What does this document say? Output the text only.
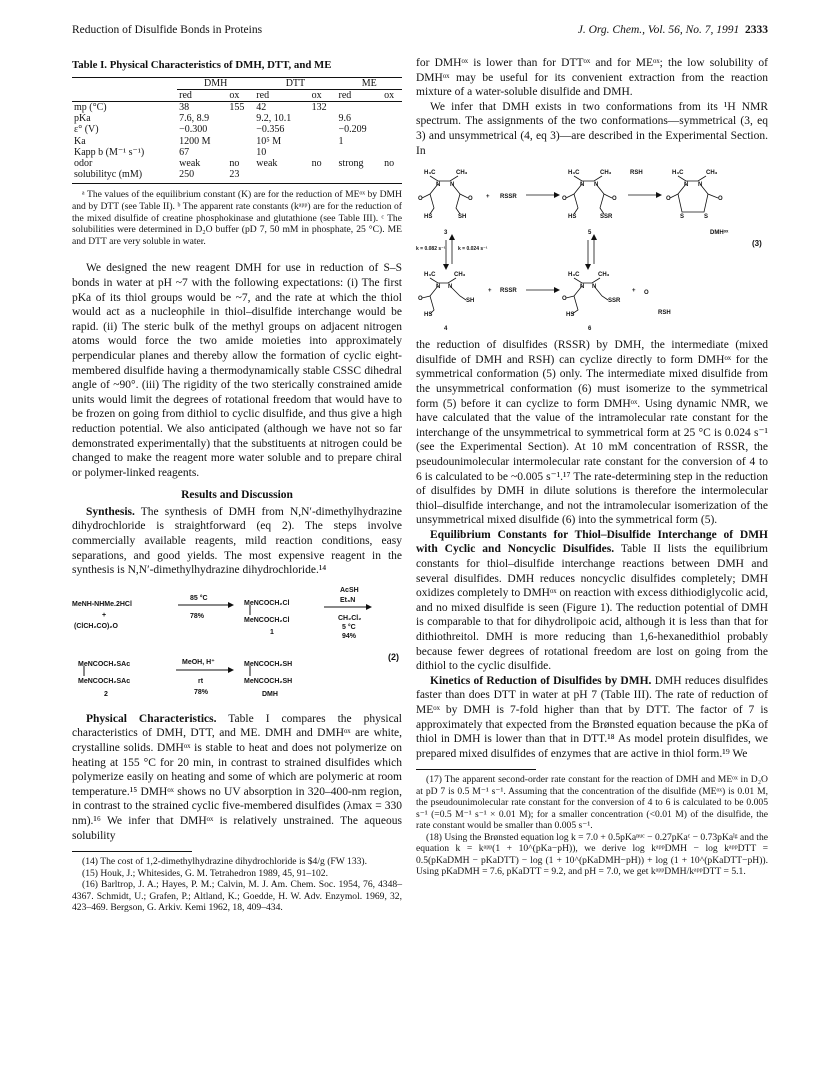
Reduction of Disulfide Bonds in Proteins	J. Org. Chem., Vol. 56, No. 7, 1991 2333

Table I. Physical Characteristics of DMH, DTT, and ME

	DMH		DTT		ME	
	red	ox	red	ox	red	ox
mp (°C)	38	155	42	132		
pKa	7.6, 8.9		9.2, 10.1		9.6	
ε° (V)	−0.300		−0.356		−0.209	
Ka	1200 M		10⁵ M		1	
Kapp b (M⁻¹ s⁻¹)	67		10			
odor	weak	no	weak	no	strong	no
solubilityc (mM)	250	23				

ᵃ The values of the equilibrium constant (K) are for the reduction of MEᵒˣ by DMH and by DTT (see Table II). ᵇ The apparent rate constants (kᵃᵖᵖ) are for the reduction of the mixed disulfide of creatine phosphokinase and glutathione (see Table III). ᶜ The solubilities were determined in D₂O buffer (pD 7, 50 mM in phosphate, 25 °C). ME and DTT are very soluble in water.

We designed the new reagent DMH for use in reduction of S–S bonds in water at pH ~7 with the following expectations: (i) The first pKa of its thiol groups would be ~7, and the rate at which the thiol would act as a nucleophile in thiol–disulfide interchange would be rapid. (ii) The steric bulk of the methyl groups on adjacent nitrogen atoms would force the two amide moieties into approximately perpendicular planes and thereby allow the formation of cyclic eight-membered disulfide having a thermodynamically stable CSSC dihedral angle of ~90°. (iii) The rigidity of the two sterically constrained amide units would limit the degrees of rotational freedom that would have to be frozen on going from dithiol to cyclic disulfide, and thus give a high reduction potential. We also anticipated (although we have not so far demonstrated experimentally) that the substituents at nitrogen could be changed to make the reagent more water soluble and to prepare chiral or polymer-linked reagents.

Results and Discussion

Synthesis. The synthesis of DMH from N,N′-dimethylhydrazine dihydrochloride is straightforward (eq 2). The steps involve commercially available reagents, mild reaction conditions, easy separations, and good yields. The most expensive reagent in the synthesis is N,N′-dimethylhydrazine dihydrochloride.¹⁴

MeNH-NHMe.2HCl
+
(ClCH₂CO)₂O
85 °C
78%
MeNCOCH₂Cl
MeNCOCH₂Cl
1
AcSH
Et₃N
CH₂Cl₂
5 °C
94%
(2)
MeNCOCH₂SAc
MeNCOCH₂SAc
2
MeOH, H⁺
rt
78%
MeNCOCH₂SH
MeNCOCH₂SH
DMH

Physical Characteristics. Table I compares the physical characteristics of DMH, DTT, and ME. DMH and DMHᵒˣ are white, crystalline solids. DMHᵒˣ is stable to heat and does not polymerize on heating at 155 °C for 20 min, in contrast to strained disulfides which polymerize easily on heating and some of which are polymeric at room temperature.¹⁵ DMHᵒˣ shows no UV absorption in 320–400-nm region, in contrast to the strained cyclic five-membered disulfides (λmax = 330 nm).¹⁶ We infer that DMHᵒˣ is relatively unstrained. The aqueous solubility

(14) The cost of 1,2-dimethylhydrazine dihydrochloride is $4/g (FW 133).

(15) Houk, J.; Whitesides, G. M. Tetrahedron 1989, 45, 91–102.

(16) Barltrop, J. A.; Hayes, P. M.; Calvin, M. J. Am. Chem. Soc. 1954, 76, 4348–4367. Schmidt, U.; Grafen, P.; Altland, K.; Goedde, H. W. Adv. Enzymol. 1969, 32, 423–469. Bergson, G. Arkiv. Kemi 1962, 18, 409–434.

for DMHᵒˣ is lower than for DTTᵒˣ and for MEᵒˣ; the low solubility of DMHᵒˣ may be useful for its convenient extraction from the reaction mixture of a water-soluble disulfide and DMH.

We infer that DMH exists in two conformations from its ¹H NMR spectrum. The assignments of the two conformations—symmetrical (3, eq 3) and unsymmetrical (4, eq 3)—are described in the Experimental Section. In

H₃C	CH₃
N N
O	O
HS	SH
3
+ RSSR
H₃C	CH₃
N N
O	O
HS	SSR
5
RSH	H₃C	CH₃
N N
O	O
S	S
DMHᵒˣ
(3)
k = 0.082 s⁻¹	k = 0.024 s⁻¹
H₃C	CH₃
N N
O	SH
HS
4
+ RSSR
H₃C	CH₃
N N
O	SSR
HS
6
+ O
RSH

the reduction of disulfides (RSSR) by DMH, the intermediate (mixed disulfide of DMH and RSH) can cyclize directly to form DMHᵒˣ for the symmetrical conformation (5) only. The intermediate mixed disulfide from the unsymmetrical conformation (6) must isomerize to the symmetrical form (5) before it can cyclize to form DMHᵒˣ. Using dynamic NMR, we have calculated that the value of the intramolecular rate constant for the interchange of the unsymmetrical to symmetrical form at 25 °C is 0.024 s⁻¹ (see the Experimental Section). At 10 mM concentration of RSSR, the pseudounimolecular intermolecular rate constant for the conversion of 4 to 6 is calculated to be ~0.005 s⁻¹.¹⁷ The rate-determining step in the reduction of disulfides by DMH in dilute solutions is therefore the intermolecular thiol–disulfide interchange, and not the intramolecular isomerization of the unsymmetrical mixed disulfide (6) into the symmetrical form (5).

Equilibrium Constants for Thiol–Disulfide Interchange of DMH with Cyclic and Noncyclic Disulfides. Table II lists the equilibrium constants for thiol–disulfide interchange reactions between DMH and several disulfides. DMH reduces noncyclic disulfides completely; DMH oxidizes completely to DMHᵒˣ on reaction with excess dithiodiglycolic acid, and no mixed disulfide is seen (Figure 1). The reduction potential of DMH is comparable to that for dihydrolipoic acid, although it is less than that for dithiothreitol. DMH is more reducing than 1,6-hexanedithiol probably because fewer degrees of rotational freedom are lost on going from the dithiol to the cyclic disulfide.

Kinetics of Reduction of Disulfides by DMH. DMH reduces disulfides faster than does DTT in water at pH 7 (Table III). The rate of reduction of MEᵒˣ by DMH is 7-fold higher than that by DTT. The factor of 7 is approximately that expected from the Brønsted equation because the pKa of thiol in DMH is lower than that in DTT.¹⁸ As model protein disulfides, we prepared mixed disulfides of enzymes that are active in thiol form.¹⁹ We

(17) The apparent second-order rate constant for the reaction of DMH and MEᵒˣ in D₂O at pD 7 is 0.5 M⁻¹ s⁻¹. Assuming that the concentration of the disulfide (MEᵒˣ) is 0.01 M, the pseudounimolecular rate constant for the conversion of 4 to 6 is calculated to be 0.005 s⁻¹ (=0.5 M⁻¹ s⁻¹ × 0.01 M); for a smaller concentration (<0.01 M) of the disulfide, the rate constant would be smaller than 0.005 s⁻¹.

(18) Using the Brønsted equation log k = 7.0 + 0.5pKaⁿᵘᶜ − 0.27pKaᶜ − 0.73pKaˡᵍ and the equation k = kᵃᵖᵖ(1 + 10^(pKa−pH)), we derive log kᵃᵖᵖDMH − log kᵃᵖᵖDTT = 0.5(pKaDMH − pKaDTT) − log (1 + 10^(pKaDMH−pH)) + log (1 + 10^(pKaDTT−pH)). Using pKaDMH = 7.6, pKaDTT = 9.2, and pH = 7.0, we get kᵃᵖᵖDMH/kᵃᵖᵖDTT = 5.1.
